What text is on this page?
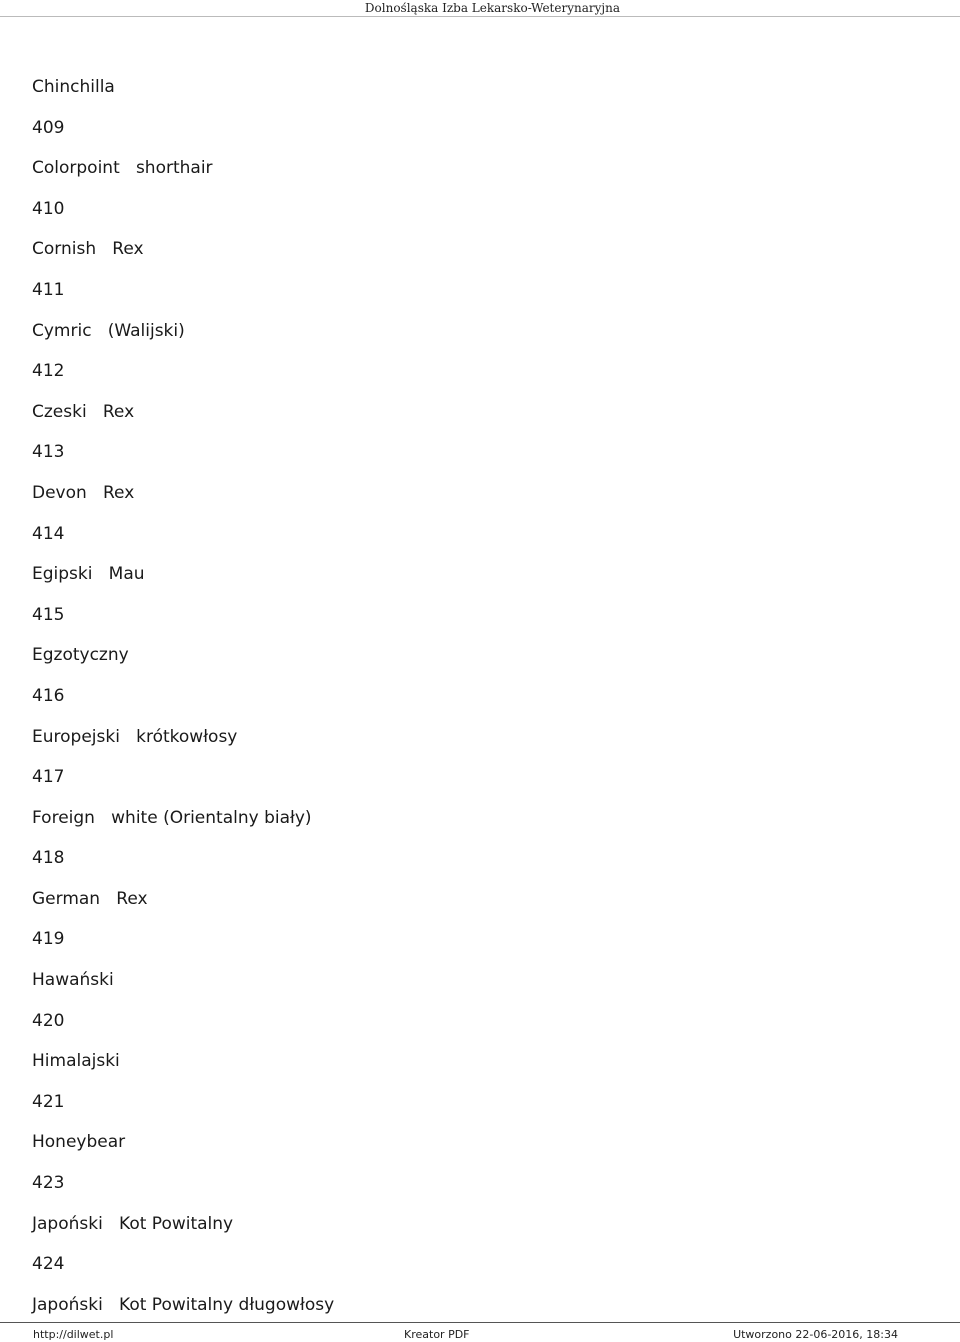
Dolnośląska Izba Lekarsko-Weterynaryjna
Chinchilla
409
Colorpoint   shorthair
410
Cornish   Rex
411
Cymric   (Walijski)
412
Czeski   Rex
413
Devon   Rex
414
Egipski   Mau
415
Egzotyczny
416
Europejski   krótkowłosy
417
Foreign   white (Orientalny biały)
418
German   Rex
419
Hawański
420
Himalajski
421
Honeybear
423
Japoński   Kot Powitalny
424
Japoński   Kot Powitalny długowłosy
http://dilwet.pl	Kreator PDF	Utworzono 22-06-2016, 18:34
